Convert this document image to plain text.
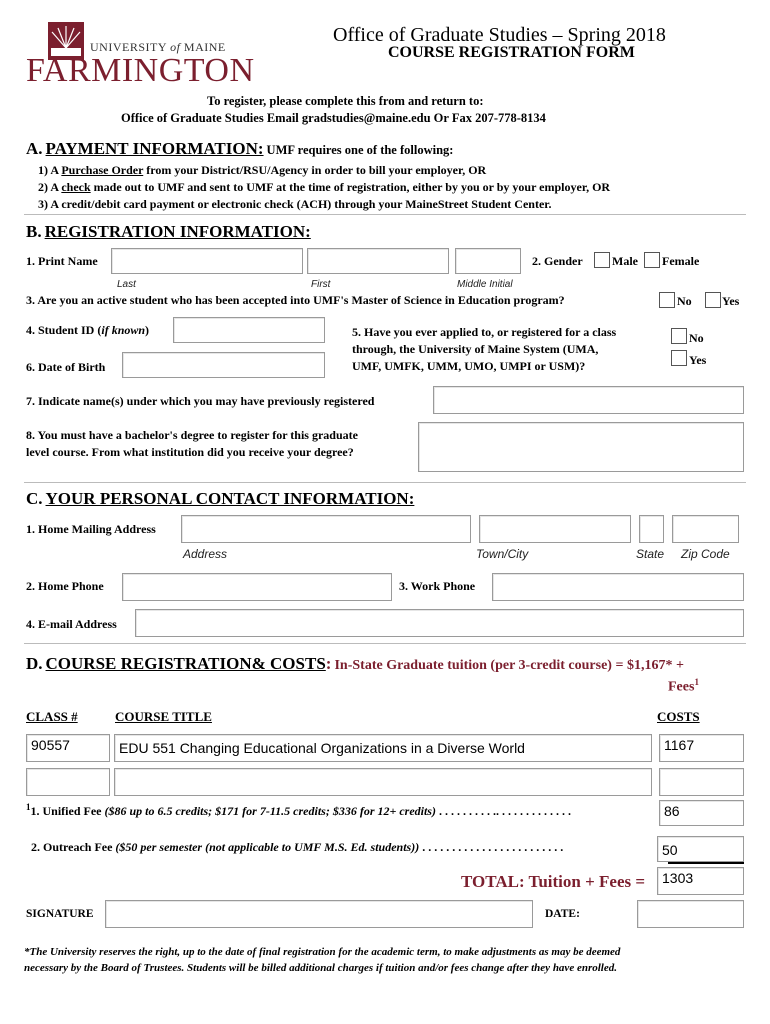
UNIVERSITY of MAINE
FARMINGTON
Office of Graduate Studies – Spring 2018
COURSE REGISTRATION FORM
To register, please complete this from and return to:
Office of Graduate Studies Email gradstudies@maine.edu Or Fax 207-778-8134
A. PAYMENT INFORMATION: UMF requires one of the following:
1) A Purchase Order from your District/RSU/Agency in order to bill your employer, OR
2) A check made out to UMF and sent to UMF at the time of registration, either by you or by your employer, OR
3) A credit/debit card payment or electronic check (ACH) through your MaineStreet Student Center.
B. REGISTRATION INFORMATION:
1. Print Name
Last	First	Middle Initial
2. Gender Male Female
3. Are you an active student who has been accepted into UMF's Master of Science in Education program?	No	Yes
4. Student ID (if known)
6. Date of Birth
5. Have you ever applied to, or registered for a class
through, the University of Maine System (UMA,
UMF, UMFK, UMM, UMO, UMPI or USM)?
No
Yes
7. Indicate name(s) under which you may have previously registered
8. You must have a bachelor's degree to register for this graduate
level course. From what institution did you receive your degree?
C. YOUR PERSONAL CONTACT INFORMATION:
1. Home Mailing Address
Address	Town/City	State Zip Code
2. Home Phone	3. Work Phone
4. E-mail Address
D. COURSE REGISTRATION& COSTS: In-State Graduate tuition (per 3-credit course) = $1,167* +
Fees$^1$
CLASS #	COURSE TITLE	COSTS
90557	EDU 551 Changing Educational Organizations in a Diverse World	1167
$^1$1. Unified Fee ($86 up to 6.5 credits; $171 for 7-11.5 credits; $336 for 12+ credits) . . . . . . . . . .. . . . . . . . . . . . .	86
2. Outreach Fee ($50 per semester (not applicable to UMF M.S. Ed. students)) . . . . . . . . . . . . . . . . . . . . . . . .	50
TOTAL: Tuition + Fees =	1303
SIGNATURE	DATE:
*The University reserves the right, up to the date of final registration for the academic term, to make adjustments as may be deemed
necessary by the Board of Trustees. Students will be billed additional charges if tuition and/or fees change after they have enrolled.
